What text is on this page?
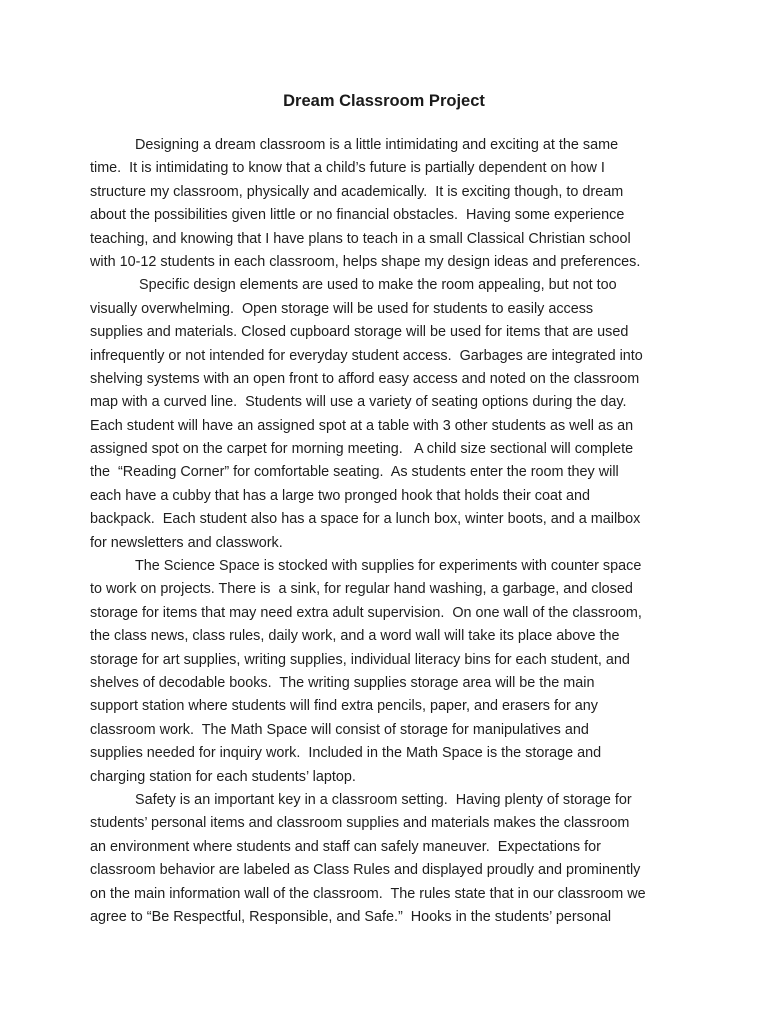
Dream Classroom Project
Designing a dream classroom is a little intimidating and exciting at the same
time.  It is intimidating to know that a child’s future is partially dependent on how I
structure my classroom, physically and academically.  It is exciting though, to dream
about the possibilities given little or no financial obstacles.  Having some experience
teaching, and knowing that I have plans to teach in a small Classical Christian school
with 10-12 students in each classroom, helps shape my design ideas and preferences.
Specific design elements are used to make the room appealing, but not too
visually overwhelming.  Open storage will be used for students to easily access
supplies and materials. Closed cupboard storage will be used for items that are used
infrequently or not intended for everyday student access.  Garbages are integrated into
shelving systems with an open front to afford easy access and noted on the classroom
map with a curved line.  Students will use a variety of seating options during the day.
Each student will have an assigned spot at a table with 3 other students as well as an
assigned spot on the carpet for morning meeting.   A child size sectional will complete
the  “Reading Corner” for comfortable seating.  As students enter the room they will
each have a cubby that has a large two pronged hook that holds their coat and
backpack.  Each student also has a space for a lunch box, winter boots, and a mailbox
for newsletters and classwork.
The Science Space is stocked with supplies for experiments with counter space
to work on projects. There is  a sink, for regular hand washing, a garbage, and closed
storage for items that may need extra adult supervision.  On one wall of the classroom,
the class news, class rules, daily work, and a word wall will take its place above the
storage for art supplies, writing supplies, individual literacy bins for each student, and
shelves of decodable books.  The writing supplies storage area will be the main
support station where students will find extra pencils, paper, and erasers for any
classroom work.  The Math Space will consist of storage for manipulatives and
supplies needed for inquiry work.  Included in the Math Space is the storage and
charging station for each students’ laptop.
Safety is an important key in a classroom setting.  Having plenty of storage for
students’ personal items and classroom supplies and materials makes the classroom
an environment where students and staff can safely maneuver.  Expectations for
classroom behavior are labeled as Class Rules and displayed proudly and prominently
on the main information wall of the classroom.  The rules state that in our classroom we
agree to “Be Respectful, Responsible, and Safe.”  Hooks in the students’ personal
